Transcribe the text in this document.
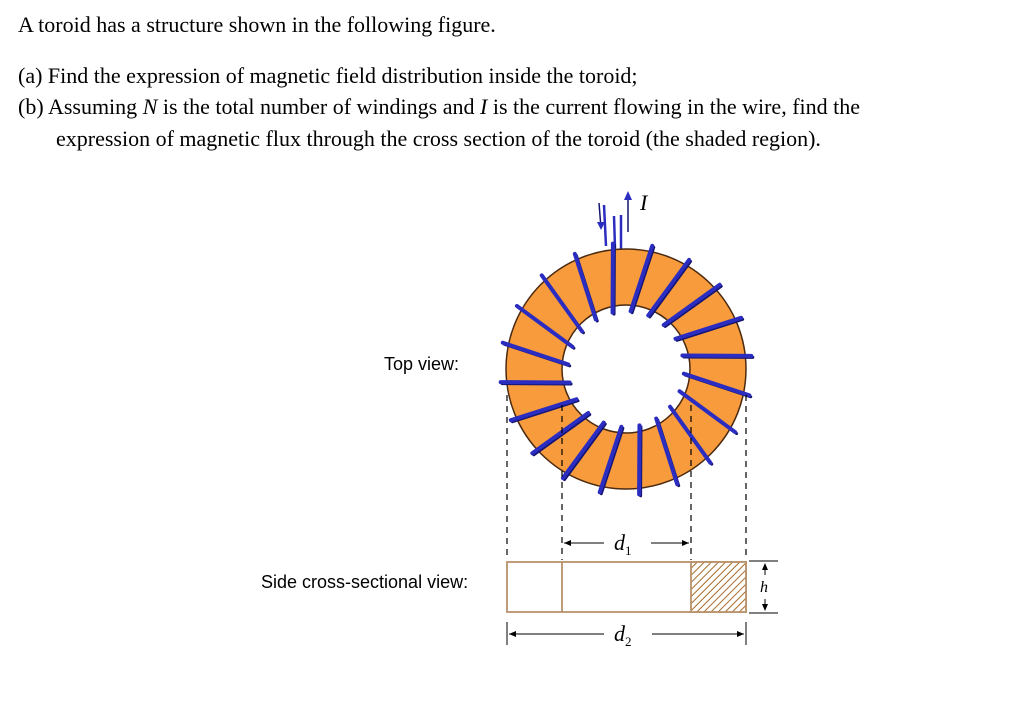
A toroid has a structure shown in the following figure.
(a) Find the expression of magnetic field distribution inside the toroid;
(b) Assuming N is the total number of windings and I is the current flowing in the wire, find the
expression of magnetic flux through the cross section of the toroid (the shaded region).
Top view:
Side cross-sectional view:
I
$d_1$
h
$d_2$
